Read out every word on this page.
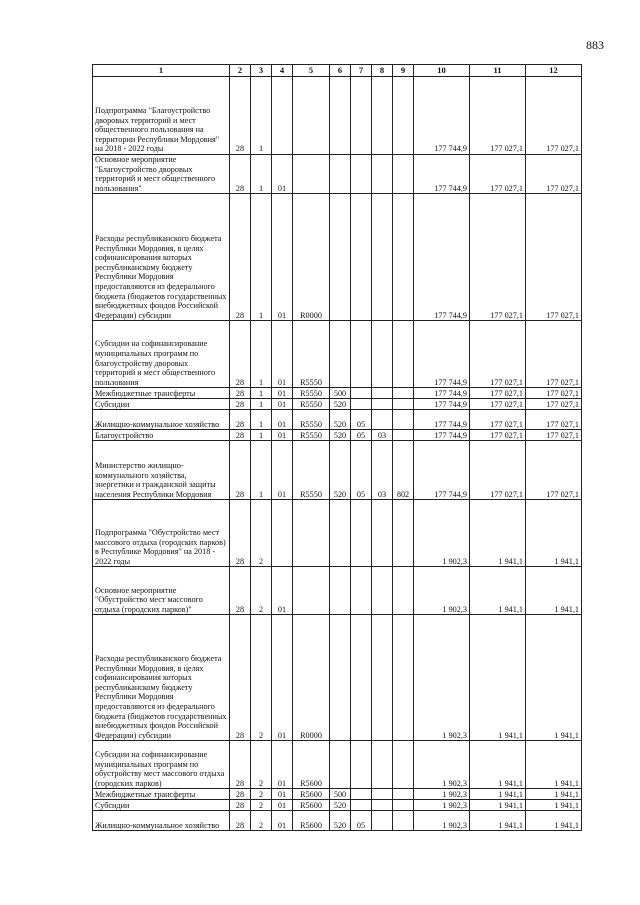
883
1	2	3	4	5	6	7	8	9	10	11	12
Подпрограмма "Благоустройство дворовых территорий и мест общественного пользования на территории Республики Мордовия" на 2018 - 2022 годы	28	1							177 744,9	177 027,1	177 027,1
Основное мероприятие "Благоустройство дворовых территорий и мест общественного пользования"	28	1	01						177 744,9	177 027,1	177 027,1
Расходы республиканского бюджета Республики Мордовия, в целях софинансирования которых республиканскому бюджету Республики Мордовия предоставляются из федерального бюджета (бюджетов государственных внебюджетных фондов Российской Федерации) субсидии	28	1	01	R0000					177 744,9	177 027,1	177 027,1
Субсидии на софинансирование муниципальных программ по благоустройству дворовых территорий и мест общественного пользования	28	1	01	R5550					177 744,9	177 027,1	177 027,1
Межбюджетные трансферты	28	1	01	R5550	500				177 744,9	177 027,1	177 027,1
Субсидии	28	1	01	R5550	520				177 744,9	177 027,1	177 027,1
Жилищно-коммунальное хозяйство	28	1	01	R5550	520	05			177 744,9	177 027,1	177 027,1
Благоустройство	28	1	01	R5550	520	05	03		177 744,9	177 027,1	177 027,1
Министерство жилищно-коммунального хозяйства, энергетики и гражданской защиты населения Республики Мордовия	28	1	01	R5550	520	05	03	802	177 744,9	177 027,1	177 027,1
Подпрограмма "Обустройство мест массового отдыха (городских парков) в Республике Мордовия" на 2018 - 2022 годы	28	2							1 902,3	1 941,1	1 941,1
Основное мероприятие "Обустройство мест массового отдыха (городских парков)"	28	2	01						1 902,3	1 941,1	1 941,1
Расходы республиканского бюджета Республики Мордовия, в целях софинансирования которых республиканскому бюджету Республики Мордовия предоставляются из федерального бюджета (бюджетов государственных внебюджетных фондов Российской Федерации) субсидии	28	2	01	R0000					1 902,3	1 941,1	1 941,1
Субсидии на софинансирование муниципальных программ по обустройству мест массового отдыха (городских парков)	28	2	01	R5600					1 902,3	1 941,1	1 941,1
Межбюджетные трансферты	28	2	01	R5600	500				1 902,3	1 941,1	1 941,1
Субсидии	28	2	01	R5600	520				1 902,3	1 941,1	1 941,1
Жилищно-коммунальное хозяйство	28	2	01	R5600	520	05			1 902,3	1 941,1	1 941,1
